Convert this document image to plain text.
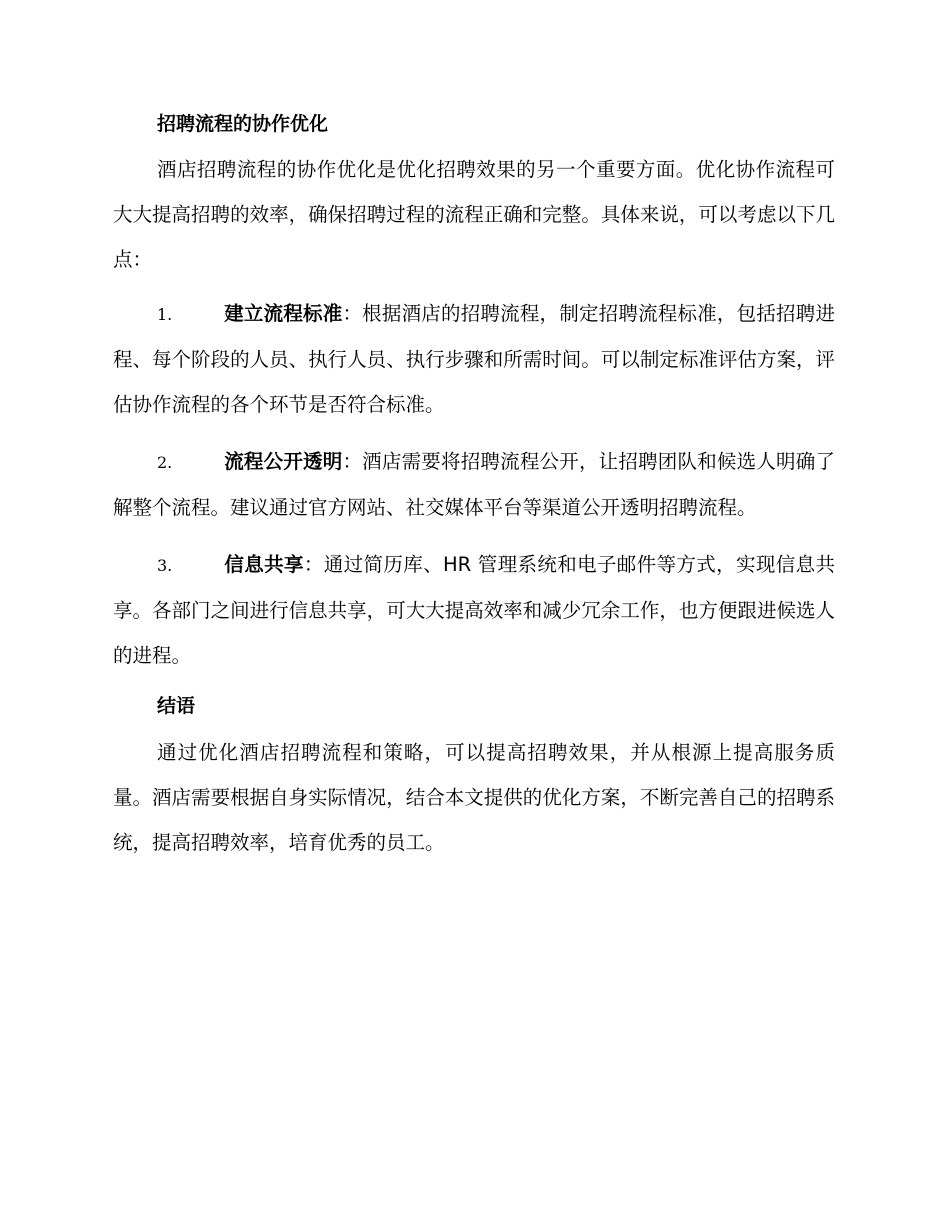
招聘流程的协作优化

酒店招聘流程的协作优化是优化招聘效果的另一个重要方面。优化协作流程可大大提高招聘的效率，确保招聘过程的流程正确和完整。具体来说，可以考虑以下几点：

1.	建立流程标准：根据酒店的招聘流程，制定招聘流程标准，包括招聘进程、每个阶段的人员、执行人员、执行步骤和所需时间。可以制定标准评估方案，评估协作流程的各个环节是否符合标准。
2.	流程公开透明：酒店需要将招聘流程公开，让招聘团队和候选人明确了解整个流程。建议通过官方网站、社交媒体平台等渠道公开透明招聘流程。
3.	信息共享：通过简历库、HR 管理系统和电子邮件等方式，实现信息共享。各部门之间进行信息共享，可大大提高效率和减少冗余工作，也方便跟进候选人的进程。
结语

通过优化酒店招聘流程和策略，可以提高招聘效果，并从根源上提高服务质量。酒店需要根据自身实际情况，结合本文提供的优化方案，不断完善自己的招聘系统，提高招聘效率，培育优秀的员工。
